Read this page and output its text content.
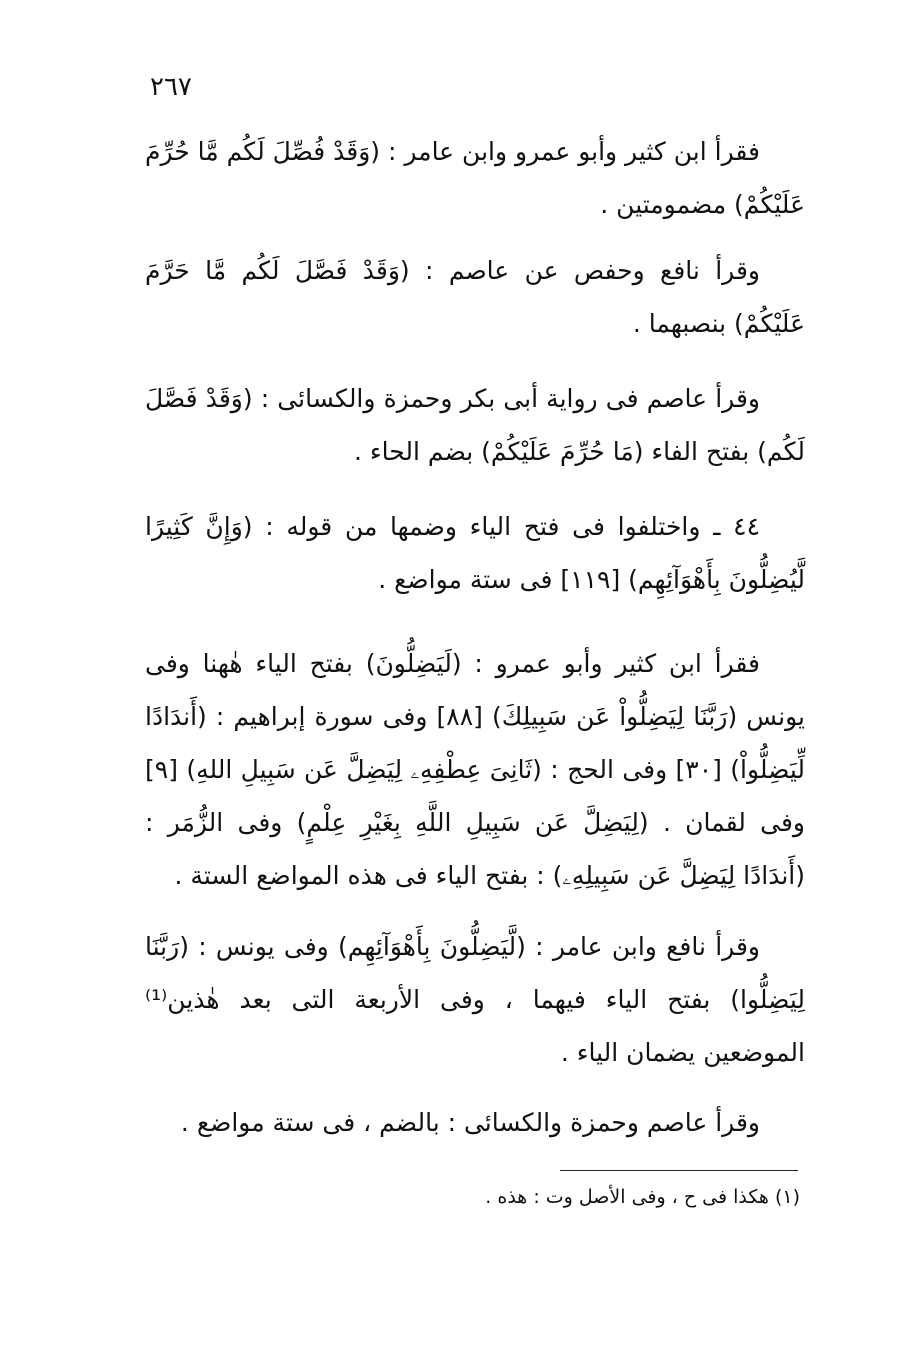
٢٦٧

فقرأ ابن كثير وأبو عمرو وابن عامر : (وَقَدْ فُصِّلَ لَكُم مَّا حُرِّمَ عَلَيْكُمْ) مضمومتين .

وقرأ نافع وحفص عن عاصم : (وَقَدْ فَصَّلَ لَكُم مَّا حَرَّمَ عَلَيْكُمْ) بنصبهما .

وقرأ عاصم فى رواية أبى بكر وحمزة والكسائى : (وَقَدْ فَصَّلَ لَكُم) بفتح الفاء (مَا حُرِّمَ عَلَيْكُمْ) بضم الحاء .

٤٤ ـ واختلفوا فى فتح الياء وضمها من قوله : (وَإِنَّ كَثِيرًا لَّيُضِلُّونَ بِأَهْوَآئِهِم) [١١٩] فى ستة مواضع .

فقرأ ابن كثير وأبو عمرو : (لَيَضِلُّونَ) بفتح الياء هٰهنا وفى يونس (رَبَّنَا لِيَضِلُّواْ عَن سَبِيلِكَ) [٨٨] وفى سورة إبراهيم : (أَندَادًا لِّيَضِلُّواْ) [٣٠] وفى الحج : (ثَانِىَ عِطْفِهِۦ لِيَضِلَّ عَن سَبِيلِ اللهِ) [٩] وفى لقمان . (لِيَضِلَّ عَن سَبِيلِ اللَّهِ بِغَيْرِ عِلْمٍ) وفى الزُّمَر : (أَندَادًا لِيَضِلَّ عَن سَبِيلِهِۦ) : بفتح الياء فى هذه المواضع الستة .

وقرأ نافع وابن عامر : (لَّيَضِلُّونَ بِأَهْوَآئِهِم) وفى يونس : (رَبَّنَا لِيَضِلُّوا) بفتح الياء فيهما ، وفى الأربعة التى بعد هٰذين⁽¹⁾ الموضعين يضمان الياء .

وقرأ عاصم وحمزة والكسائى : بالضم ، فى ستة مواضع .

(١) هكذا فى ح ، وفى الأصل وت : هذه .
